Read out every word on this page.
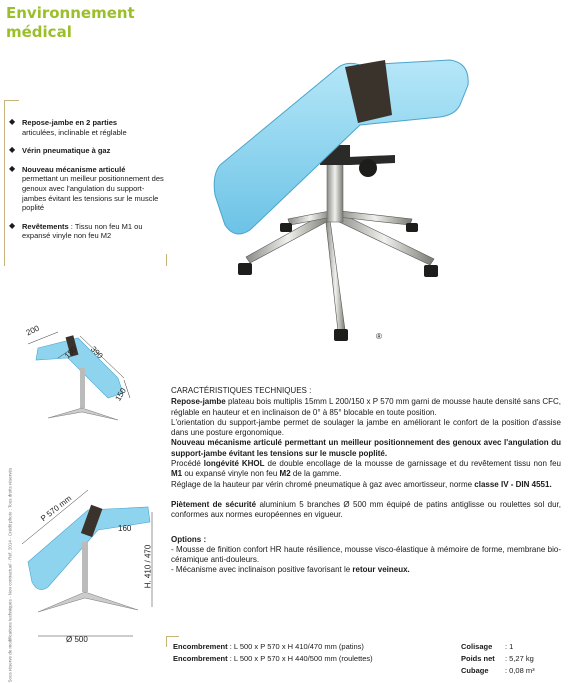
Environnement
médical
◆ Repose-jambe en 2 parties
articulées, inclinable et réglable
◆ Vérin pneumatique à gaz
◆ Nouveau mécanisme articulé
permettant un meilleur positionnement des genoux avec l'angulation du support-jambes évitant les tensions sur le muscle poplité
◆ Revêtements : Tissu non feu M1 ou expansé vinyle non feu M2
®
Sous réserve de modifications techniques - Non contractuel - Réf. 2014 - Crédit photo : Tous droits réservés
200
180 390
150
P 570 mm
160
H. 410 / 470
Ø 500

CARACTÉRISTIQUES TECHNIQUES :

Repose-jambe plateau bois multiplis 15mm L 200/150 x P 570 mm garni de mousse haute densité sans CFC, réglable en hauteur et en inclinaison de 0° à 85° blocable en toute position.

L'orientation du support-jambe permet de soulager la jambe en améliorant le confort de la position d'assise dans une posture ergonomique.

Nouveau mécanisme articulé permettant un meilleur positionnement des genoux avec l'angulation du support-jambe évitant les tensions sur le muscle poplité.

Procédé longévité KHOL de double encollage de la mousse de garnissage et du revêtement tissu non feu M1 ou expansé vinyle non feu M2 de la gamme.

Réglage de la hauteur par vérin chromé pneumatique à gaz avec amortisseur, norme classe IV - DIN 4551.

Piètement de sécurité aluminium 5 branches Ø 500 mm équipé de patins antiglisse ou roulettes sol dur, conformes aux normes européennes en vigueur.

Options :

- Mousse de finition confort HR haute résilience, mousse visco-élastique à mémoire de forme, membrane bio-céramique anti-douleurs.

- Mécanisme avec inclinaison positive favorisant le retour veineux.

Encombrement : L 500 x P 570 x H 410/470 mm (patins)
Encombrement : L 500 x P 570 x H 440/500 mm (roulettes)
Colisage : 1
Poids net : 5,27 kg
Cubage : 0,08 m³
